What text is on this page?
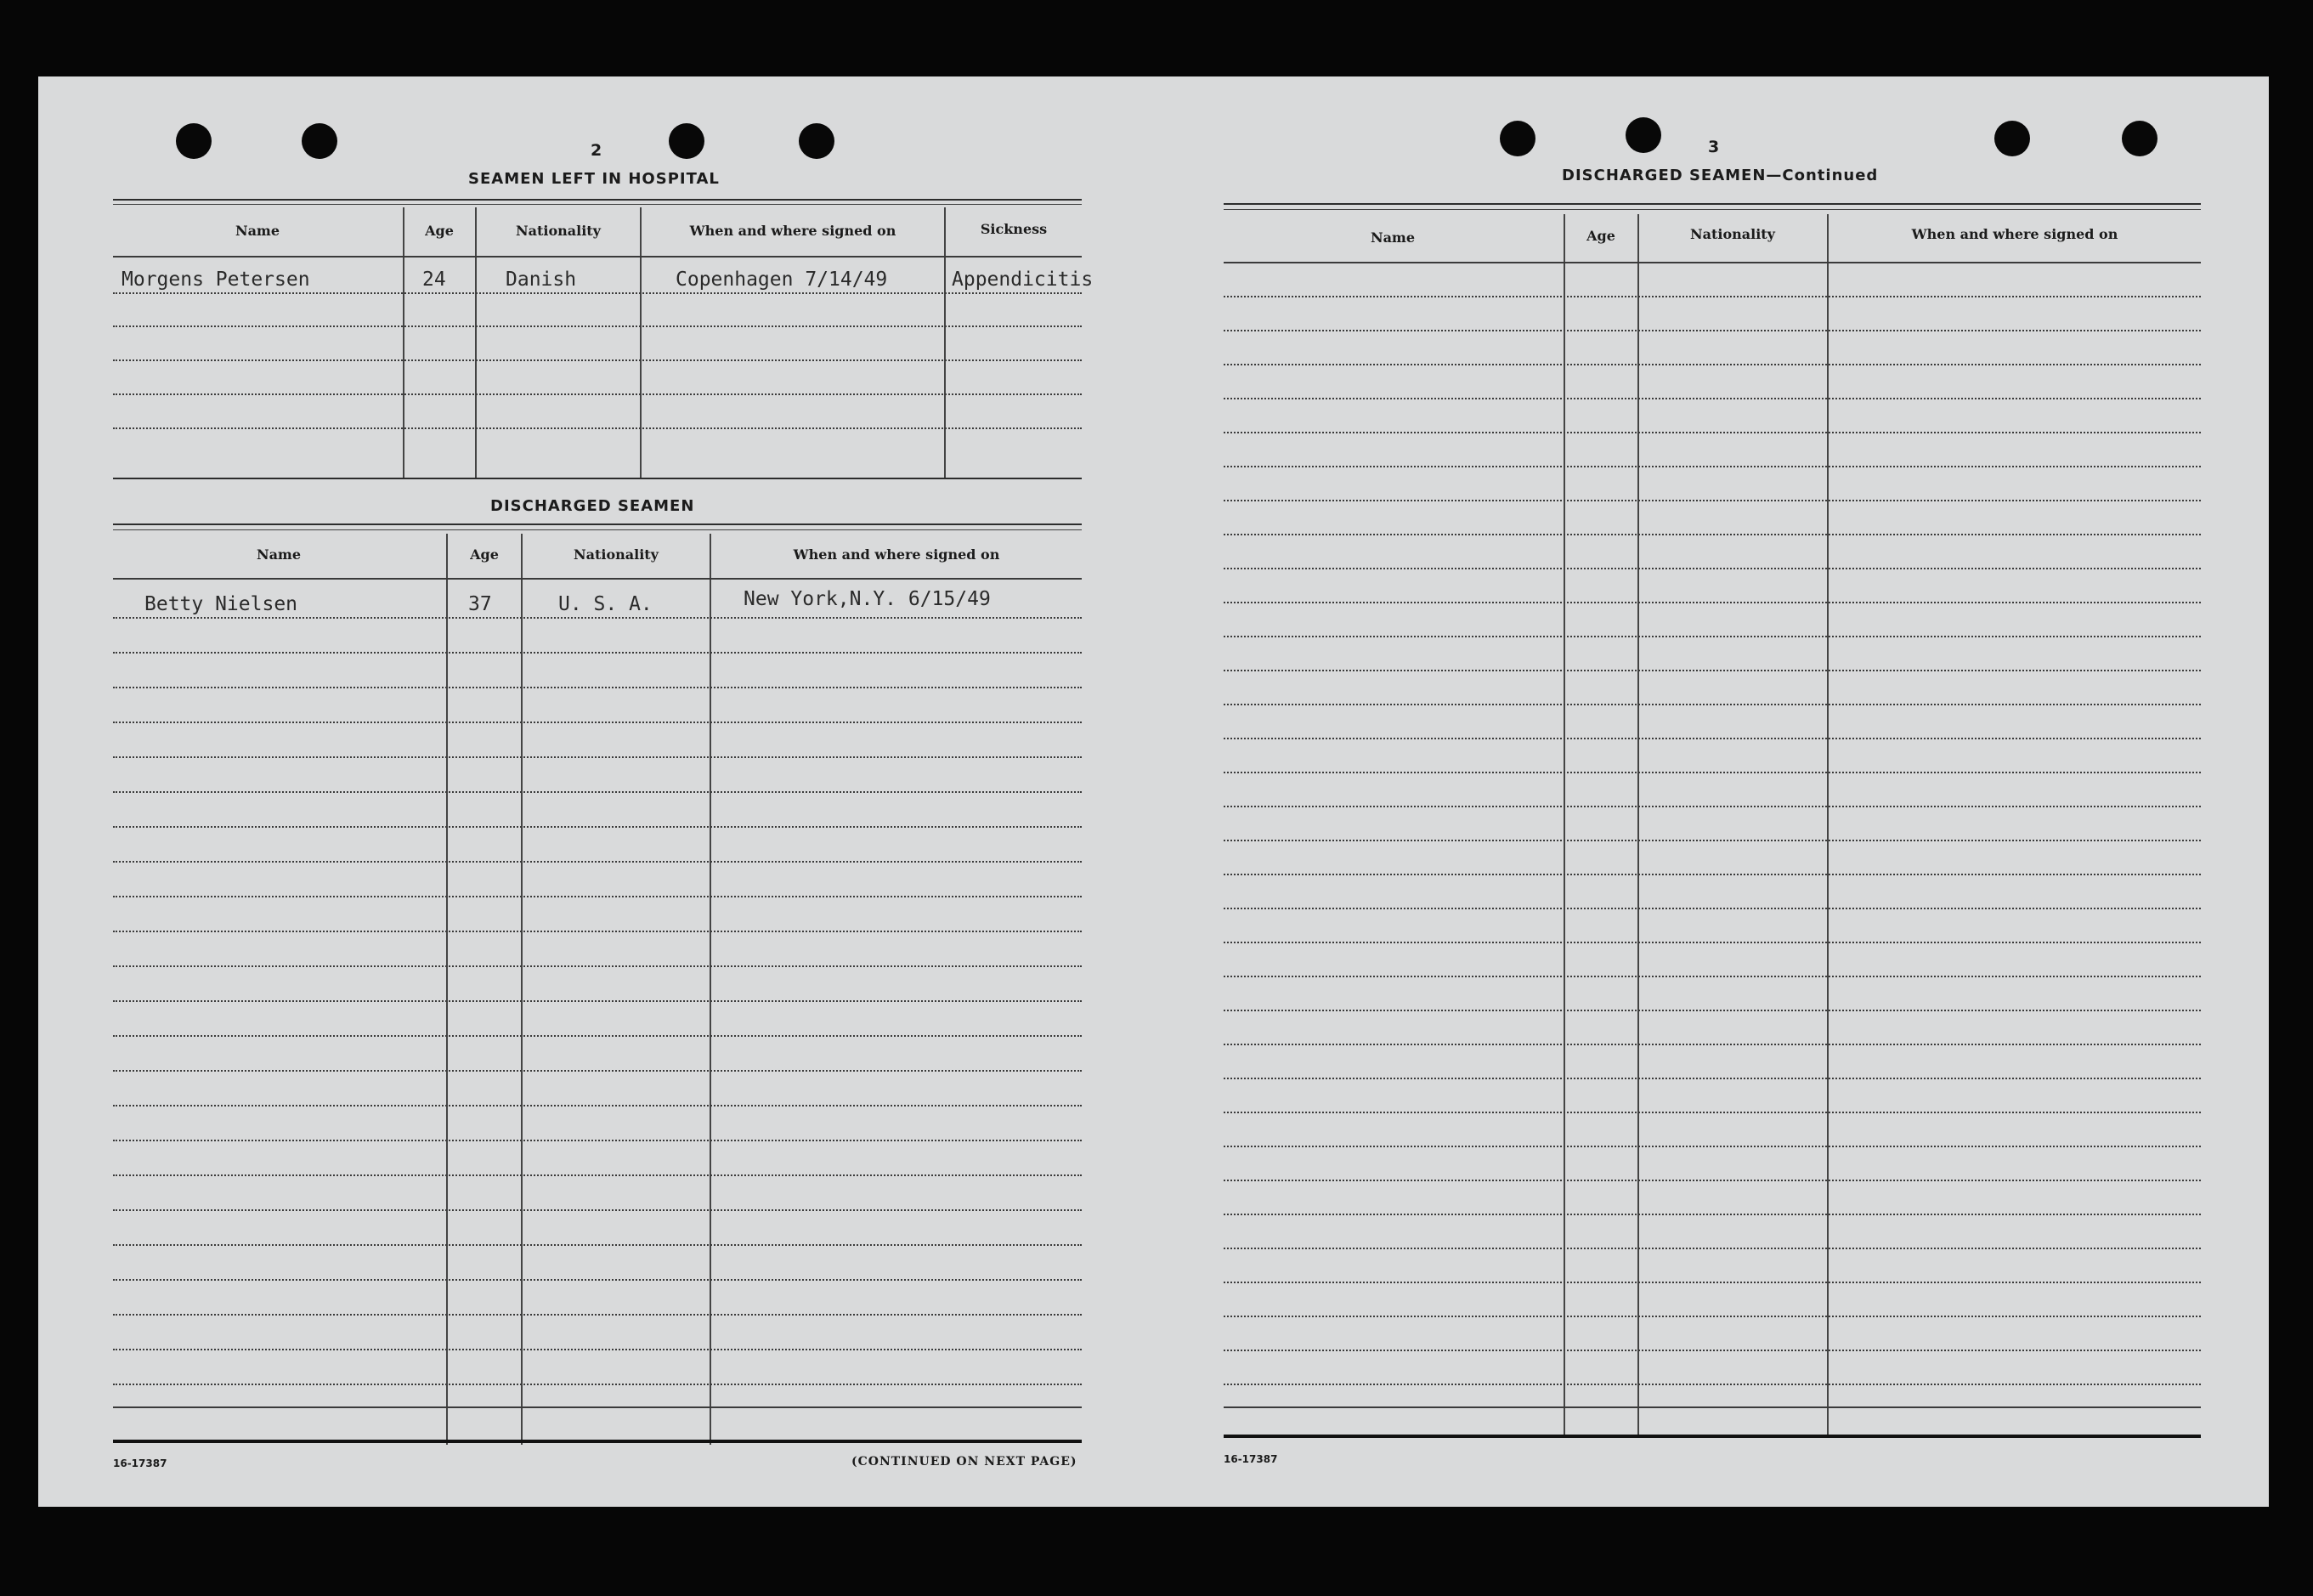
2
SEAMEN LEFT IN HOSPITAL
Name	Age	Nationality	When and where signed on	Sickness
Morgens Petersen	24	Danish	Copenhagen 7/14/49	Appendicitis
DISCHARGED SEAMEN
Name	Age	Nationality	When and where signed on
Betty Nielsen	37	U. S. A.	New York,N.Y. 6/15/49
16-17387	(CONTINUED ON NEXT PAGE)
3
DISCHARGED SEAMEN—Continued
Name	Age	Nationality	When and where signed on
16-17387
